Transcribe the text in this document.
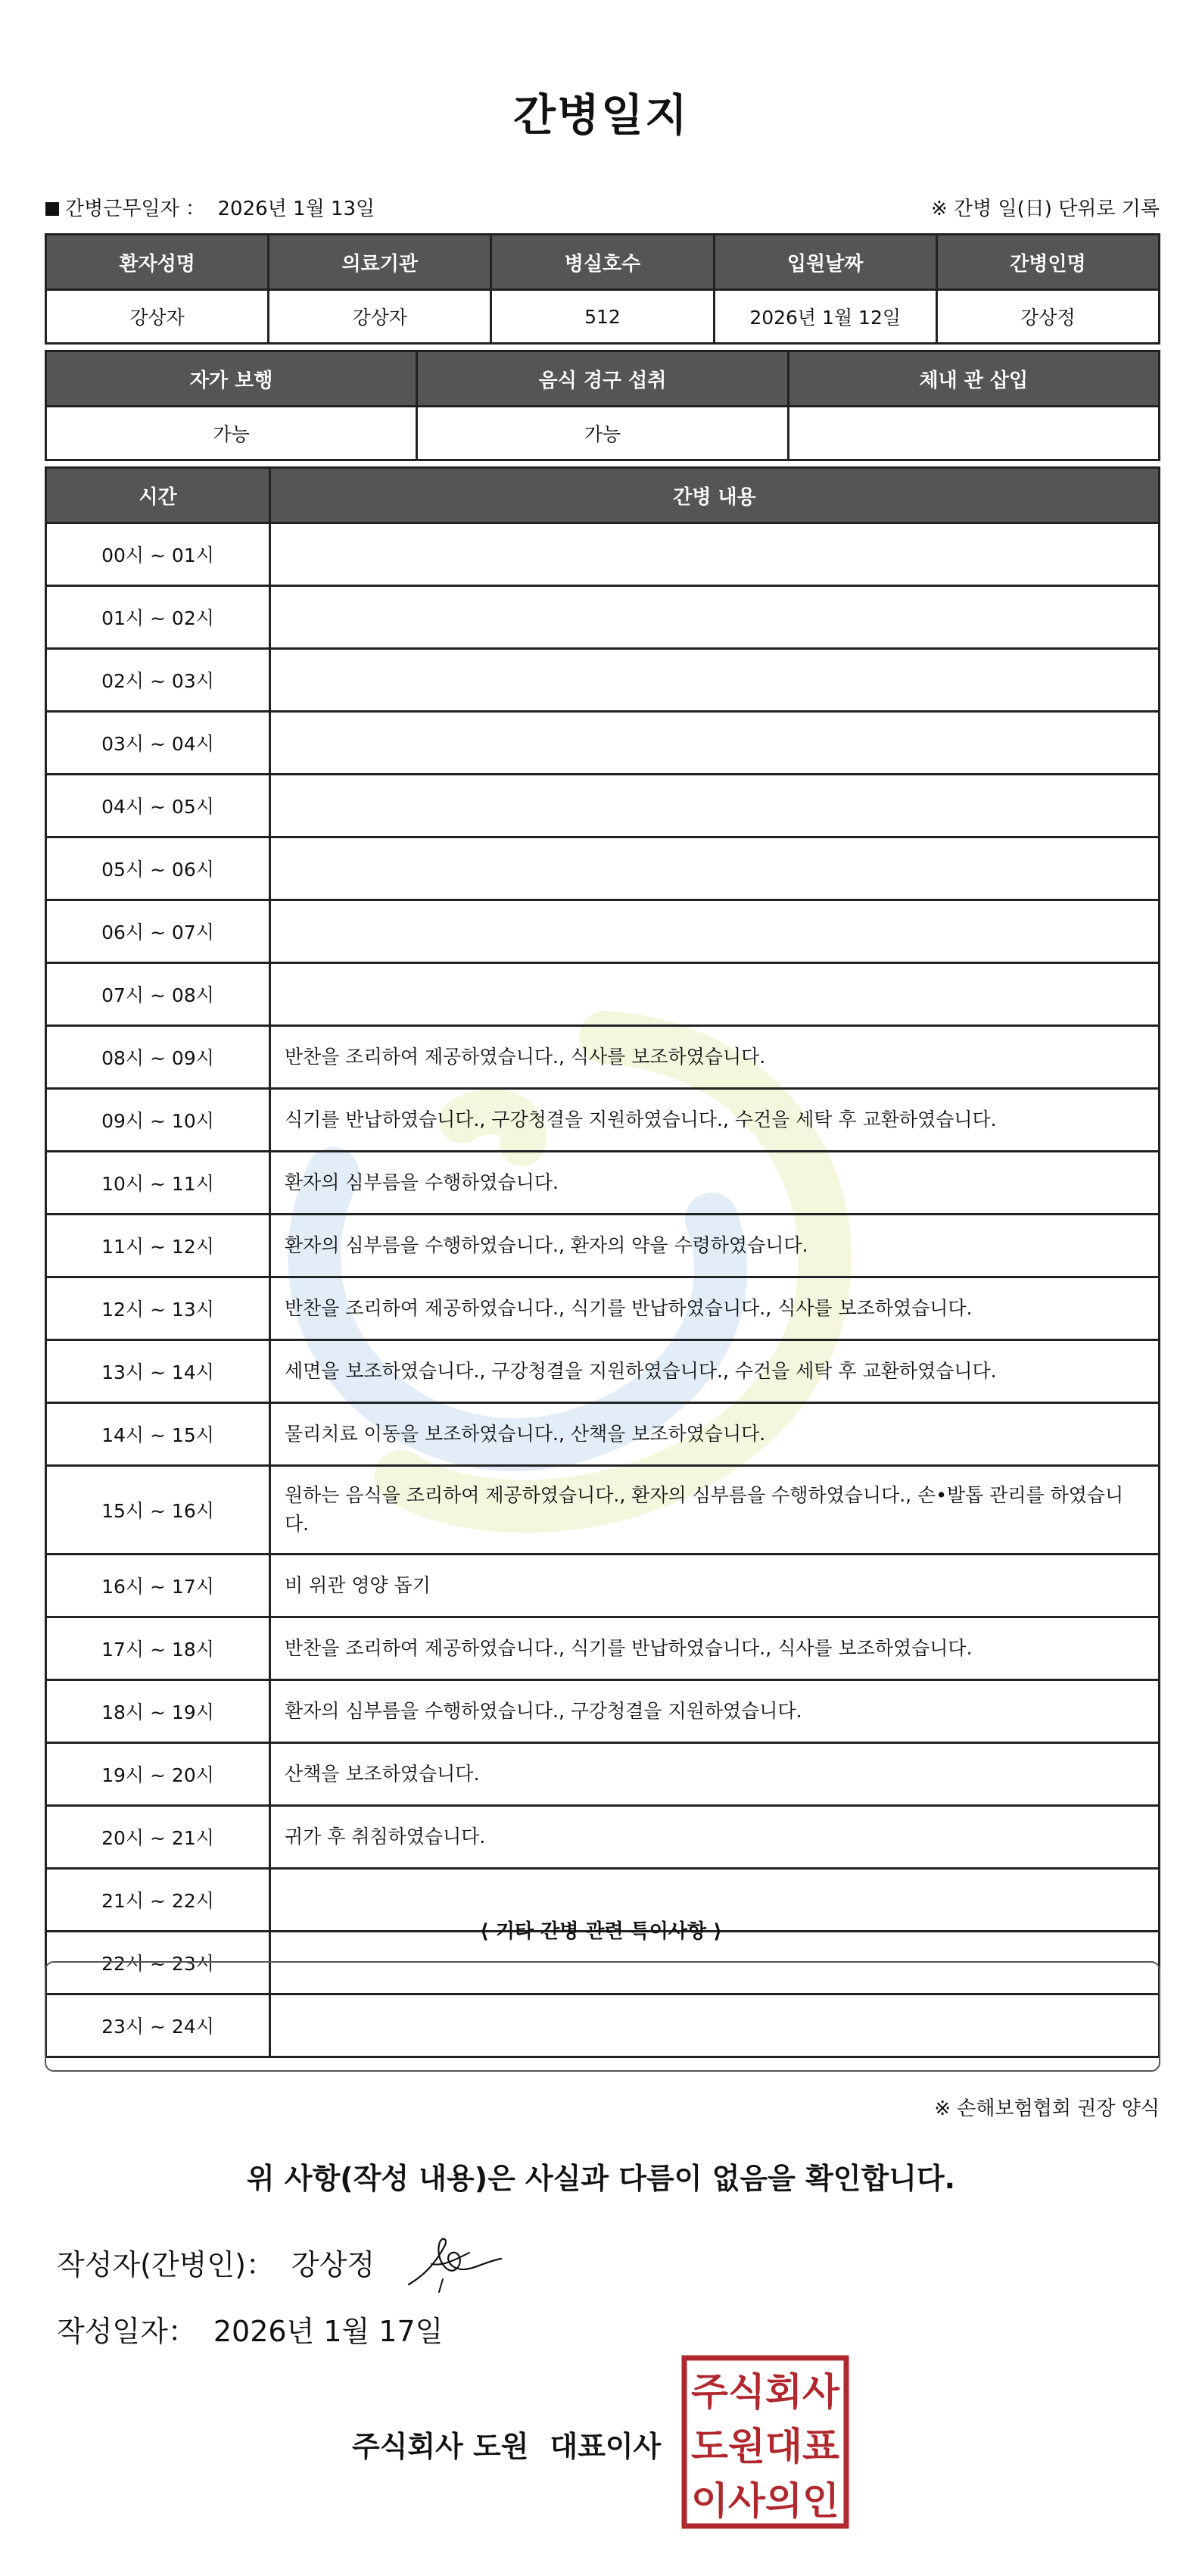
간병일지
간병근무일자 ： 2026년 1월 13일	※ 간병 일(日) 단위로 기록
환자성명	의료기관	병실호수	입원날짜	간병인명
강상자	강상자	512	2026년 1월 12일	강상정
자가 보행	음식 경구 섭취	체내 관 삽입
가능	가능	
시간	간병 내용
00시 ~ 01시	
01시 ~ 02시	
02시 ~ 03시	
03시 ~ 04시	
04시 ~ 05시	
05시 ~ 06시	
06시 ~ 07시	
07시 ~ 08시	
08시 ~ 09시	반찬을 조리하여 제공하였습니다., 식사를 보조하였습니다.
09시 ~ 10시	식기를 반납하였습니다., 구강청결을 지원하였습니다., 수건을 세탁 후 교환하였습니다.
10시 ~ 11시	환자의 심부름을 수행하였습니다.
11시 ~ 12시	환자의 심부름을 수행하였습니다., 환자의 약을 수령하였습니다.
12시 ~ 13시	반찬을 조리하여 제공하였습니다., 식기를 반납하였습니다., 식사를 보조하였습니다.
13시 ~ 14시	세면을 보조하였습니다., 구강청결을 지원하였습니다., 수건을 세탁 후 교환하였습니다.
14시 ~ 15시	물리치료 이동을 보조하였습니다., 산책을 보조하였습니다.
15시 ~ 16시	원하는 음식을 조리하여 제공하였습니다., 환자의 심부름을 수행하였습니다., 손•발톱 관리를 하였습니다.
16시 ~ 17시	비 위관 영양 돕기
17시 ~ 18시	반찬을 조리하여 제공하였습니다., 식기를 반납하였습니다., 식사를 보조하였습니다.
18시 ~ 19시	환자의 심부름을 수행하였습니다., 구강청결을 지원하였습니다.
19시 ~ 20시	산책을 보조하였습니다.
20시 ~ 21시	귀가 후 취침하였습니다.
21시 ~ 22시	
22시 ~ 23시	
23시 ~ 24시	
⟨ 기타 간병 관련 특이사항 ⟩
※ 손해보험협회 권장 양식
위 사항(작성 내용)은 사실과 다름이 없음을 확인합니다.
작성자(간병인)： 강상정
작성일자： 2026년 1월 17일
주식회사 도원 대표이사
주식회사
도원대표
이사의인
